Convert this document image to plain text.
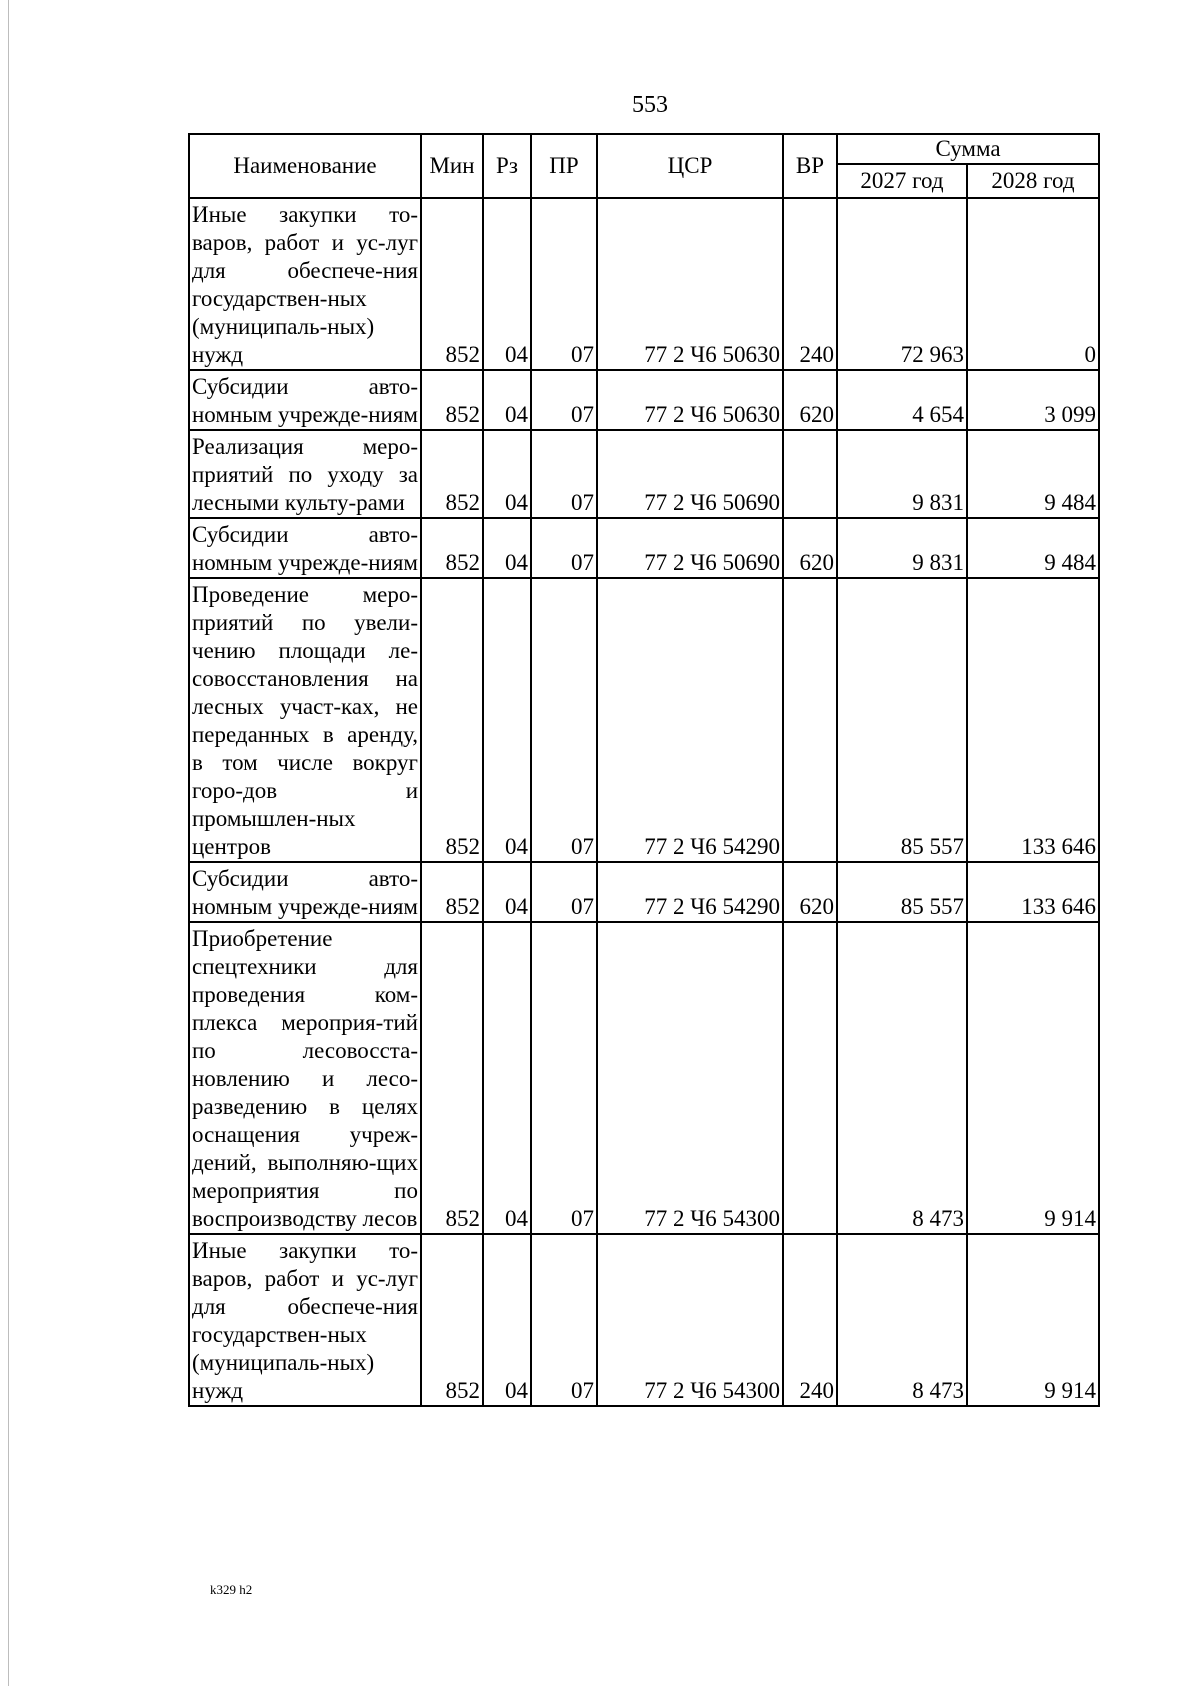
553
Наименование	Мин	Рз	ПР	ЦСР	ВР	Сумма	
						2027 год	2028 год
Иные закупки то-варов, работ и ус-луг для обеспече-ния государствен-ных (муниципаль-ных) нужд	852	04	07	77 2 Ч6 50630	240	72 963	0
Субсидии авто-номным учрежде-ниям	852	04	07	77 2 Ч6 50630	620	4 654	3 099
Реализация меро-приятий по уходу за лесными культу-рами	852	04	07	77 2 Ч6 50690		9 831	9 484
Субсидии авто-номным учрежде-ниям	852	04	07	77 2 Ч6 50690	620	9 831	9 484
Проведение меро-приятий по увели-чению площади ле-совосстановления на лесных участ-ках, не переданных в аренду, в том числе вокруг горо-дов и промышлен-ных центров	852	04	07	77 2 Ч6 54290		85 557	133 646
Субсидии авто-номным учрежде-ниям	852	04	07	77 2 Ч6 54290	620	85 557	133 646
Приобретение спецтехники для проведения ком-плекса мероприя-тий по лесовосста-новлению и лесо-разведению в целях оснащения учреж-дений, выполняю-щих мероприятия по воспроизводству лесов	852	04	07	77 2 Ч6 54300		8 473	9 914
Иные закупки то-варов, работ и ус-луг для обеспече-ния государствен-ных (муниципаль-ных) нужд	852	04	07	77 2 Ч6 54300	240	8 473	9 914
k329 h2
